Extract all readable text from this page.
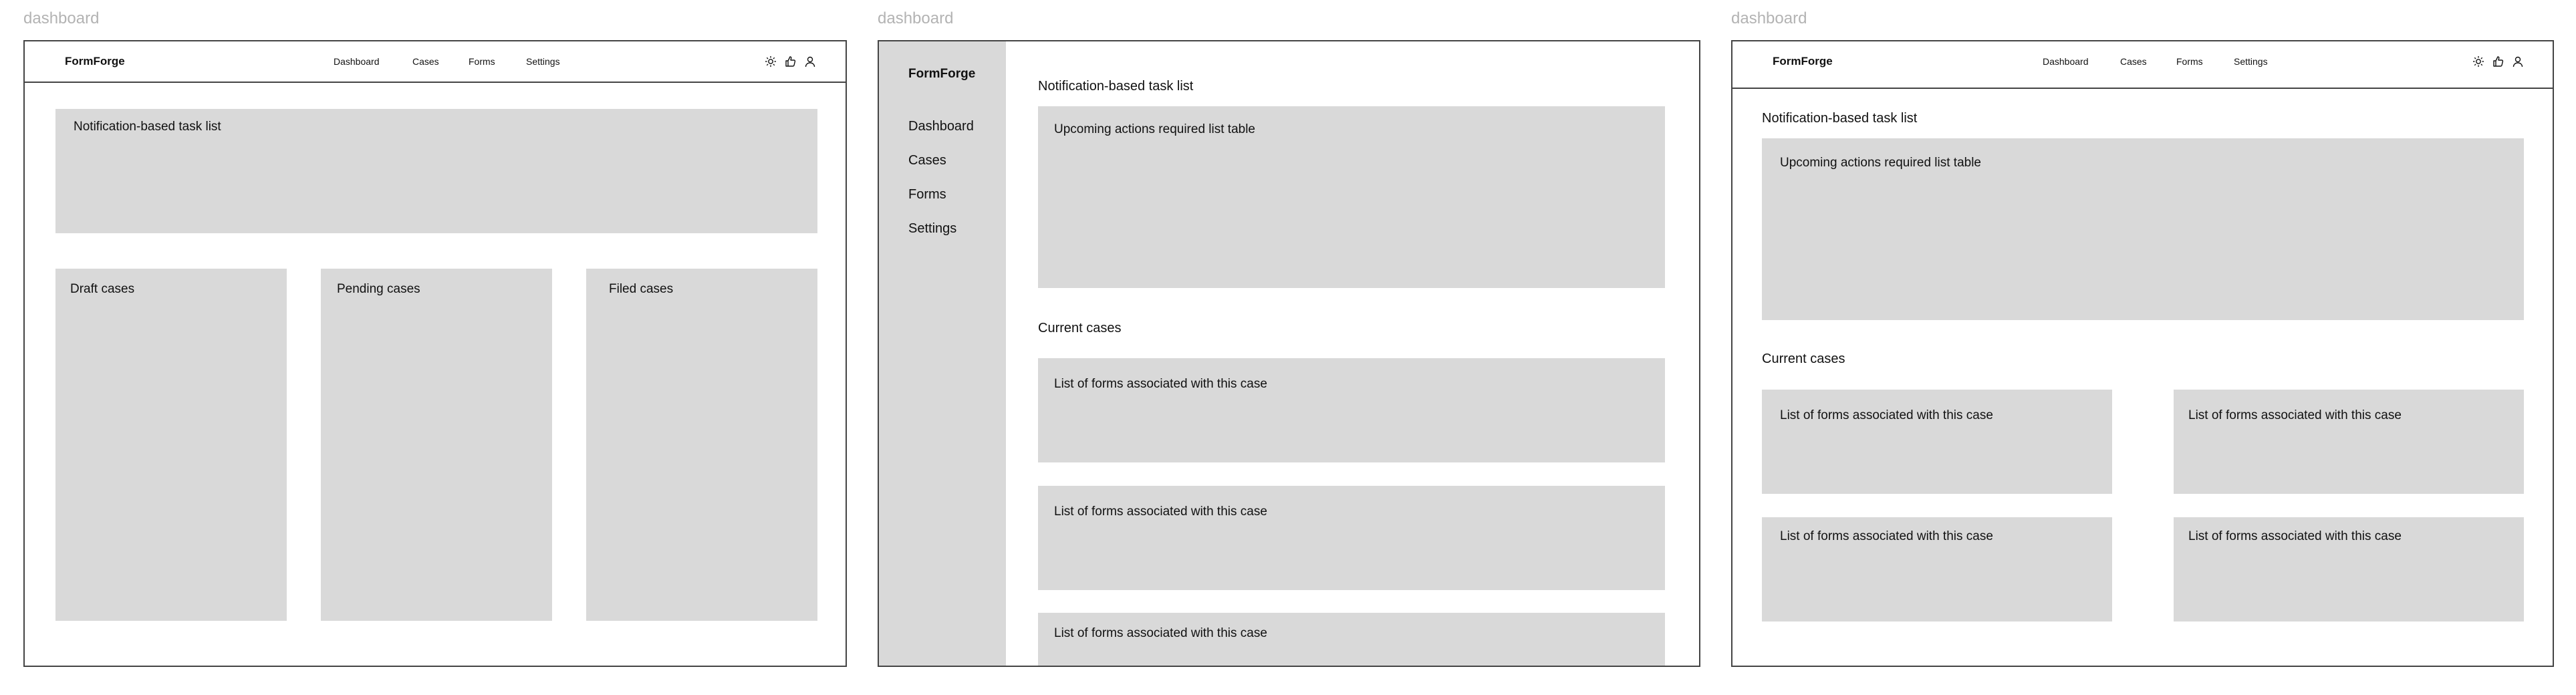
dashboard
FormForge	Dashboard	Cases	Forms	Settings
Notification-based task list
Draft cases	Pending cases	Filed cases
dashboard
FormForge
Dashboard
Cases
Forms
Settings
Notification-based task list
Upcoming actions required list table
Current cases
List of forms associated with this case
List of forms associated with this case
List of forms associated with this case
dashboard
FormForge	Dashboard	Cases	Forms	Settings
Notification-based task list
Upcoming actions required list table
Current cases
List of forms associated with this case	List of forms associated with this case
List of forms associated with this case	List of forms associated with this case
